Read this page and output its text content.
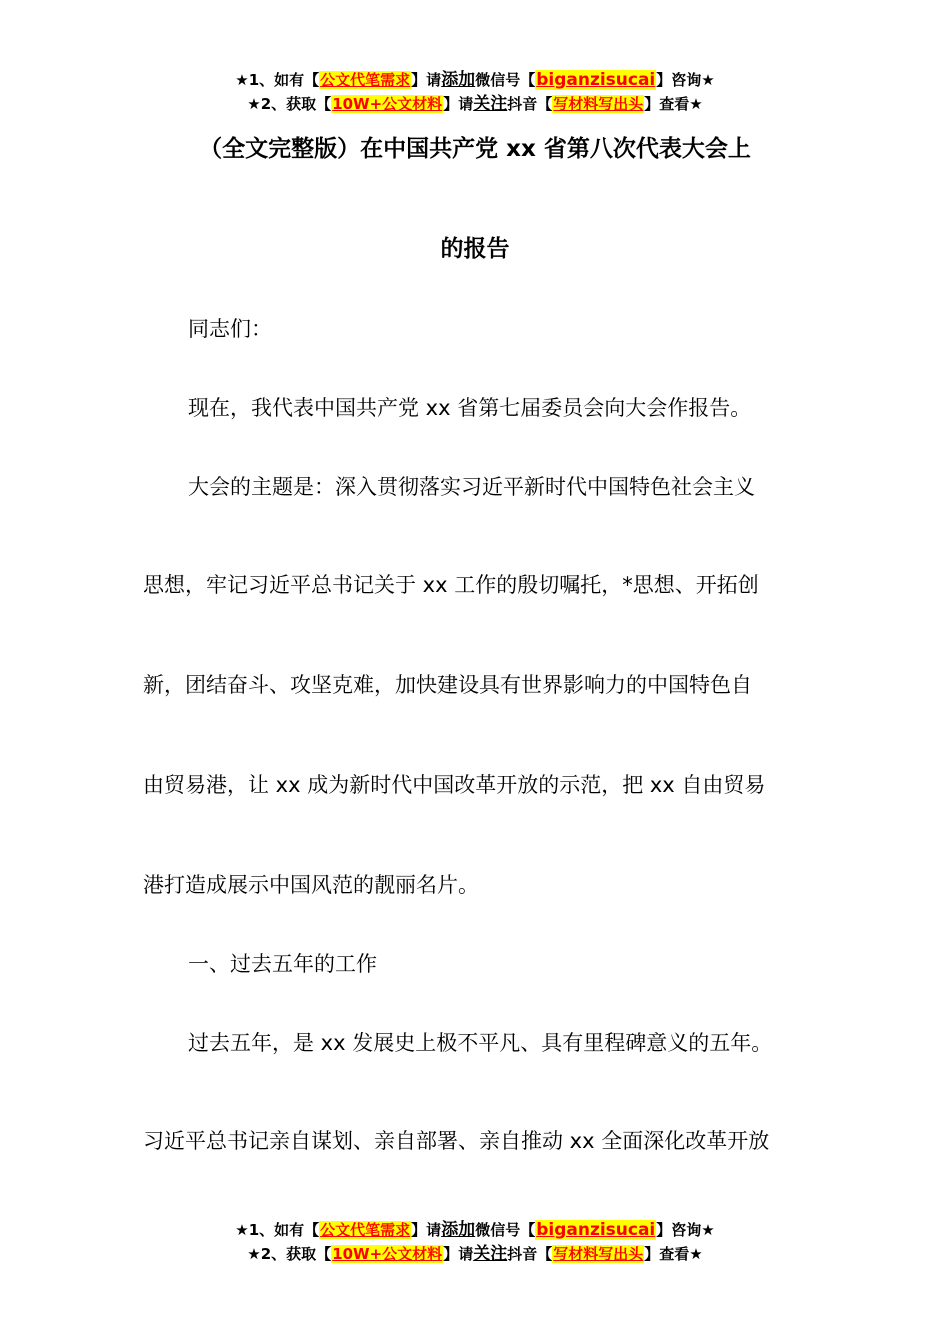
★1、如有【公文代笔需求】请添加微信号【biganzisucai】咨询★
★2、获取【10W+公文材料】请关注抖音【写材料写出头】查看★
（全文完整版）在中国共产党 xx 省第八次代表大会上
的报告
同志们：
现在，我代表中国共产党 xx 省第七届委员会向大会作报告。
大会的主题是：深入贯彻落实习近平新时代中国特色社会主义
思想，牢记习近平总书记关于 xx 工作的殷切嘱托，*思想、开拓创
新，团结奋斗、攻坚克难，加快建设具有世界影响力的中国特色自
由贸易港，让 xx 成为新时代中国改革开放的示范，把 xx 自由贸易
港打造成展示中国风范的靓丽名片。
一、过去五年的工作
过去五年，是 xx 发展史上极不平凡、具有里程碑意义的五年。
习近平总书记亲自谋划、亲自部署、亲自推动 xx 全面深化改革开放
★1、如有【公文代笔需求】请添加微信号【biganzisucai】咨询★
★2、获取【10W+公文材料】请关注抖音【写材料写出头】查看★
